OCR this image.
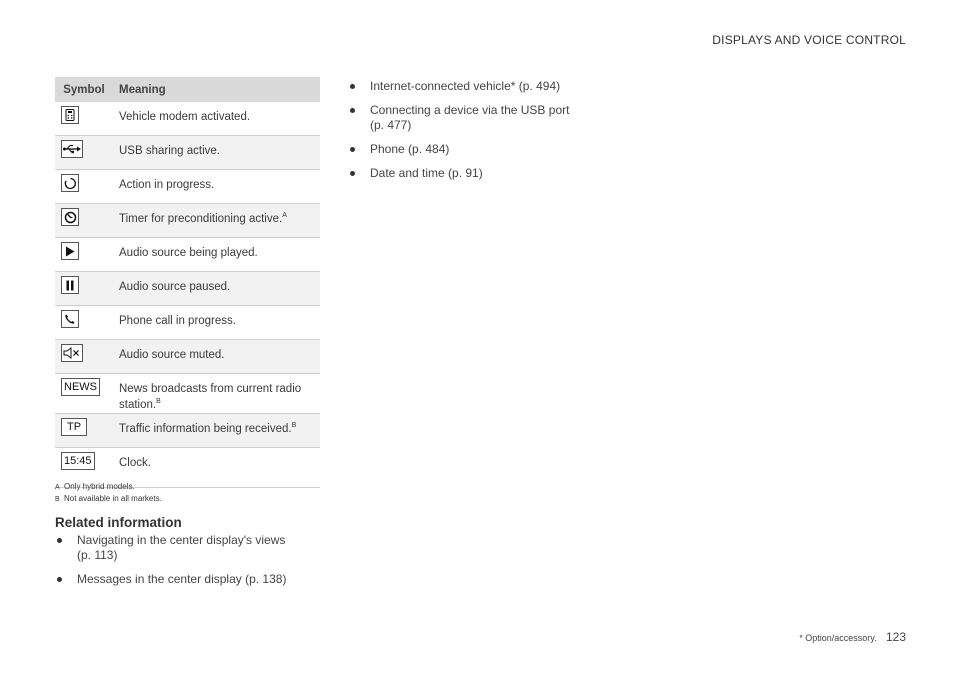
DISPLAYS AND VOICE CONTROL
Symbol	Meaning

	Vehicle modem activated.

	USB sharing active.

	Action in progress.

	Timer for preconditioning active.$^A$

	Audio source being played.

	Audio source paused.

	Phone call in progress.

	Audio source muted.
NEWS	News broadcasts from current radio
station.$^B$
TP	Traffic information being received.$^B$
15:45	Clock.
A Only hybrid models.
B Not available in all markets.
Related information
Navigating in the center display's views
(p. 113)
Messages in the center display (p. 138)
Internet-connected vehicle* (p. 494)
Connecting a device via the USB port
(p. 477)
Phone (p. 484)
Date and time (p. 91)
* Option/accessory. 123
